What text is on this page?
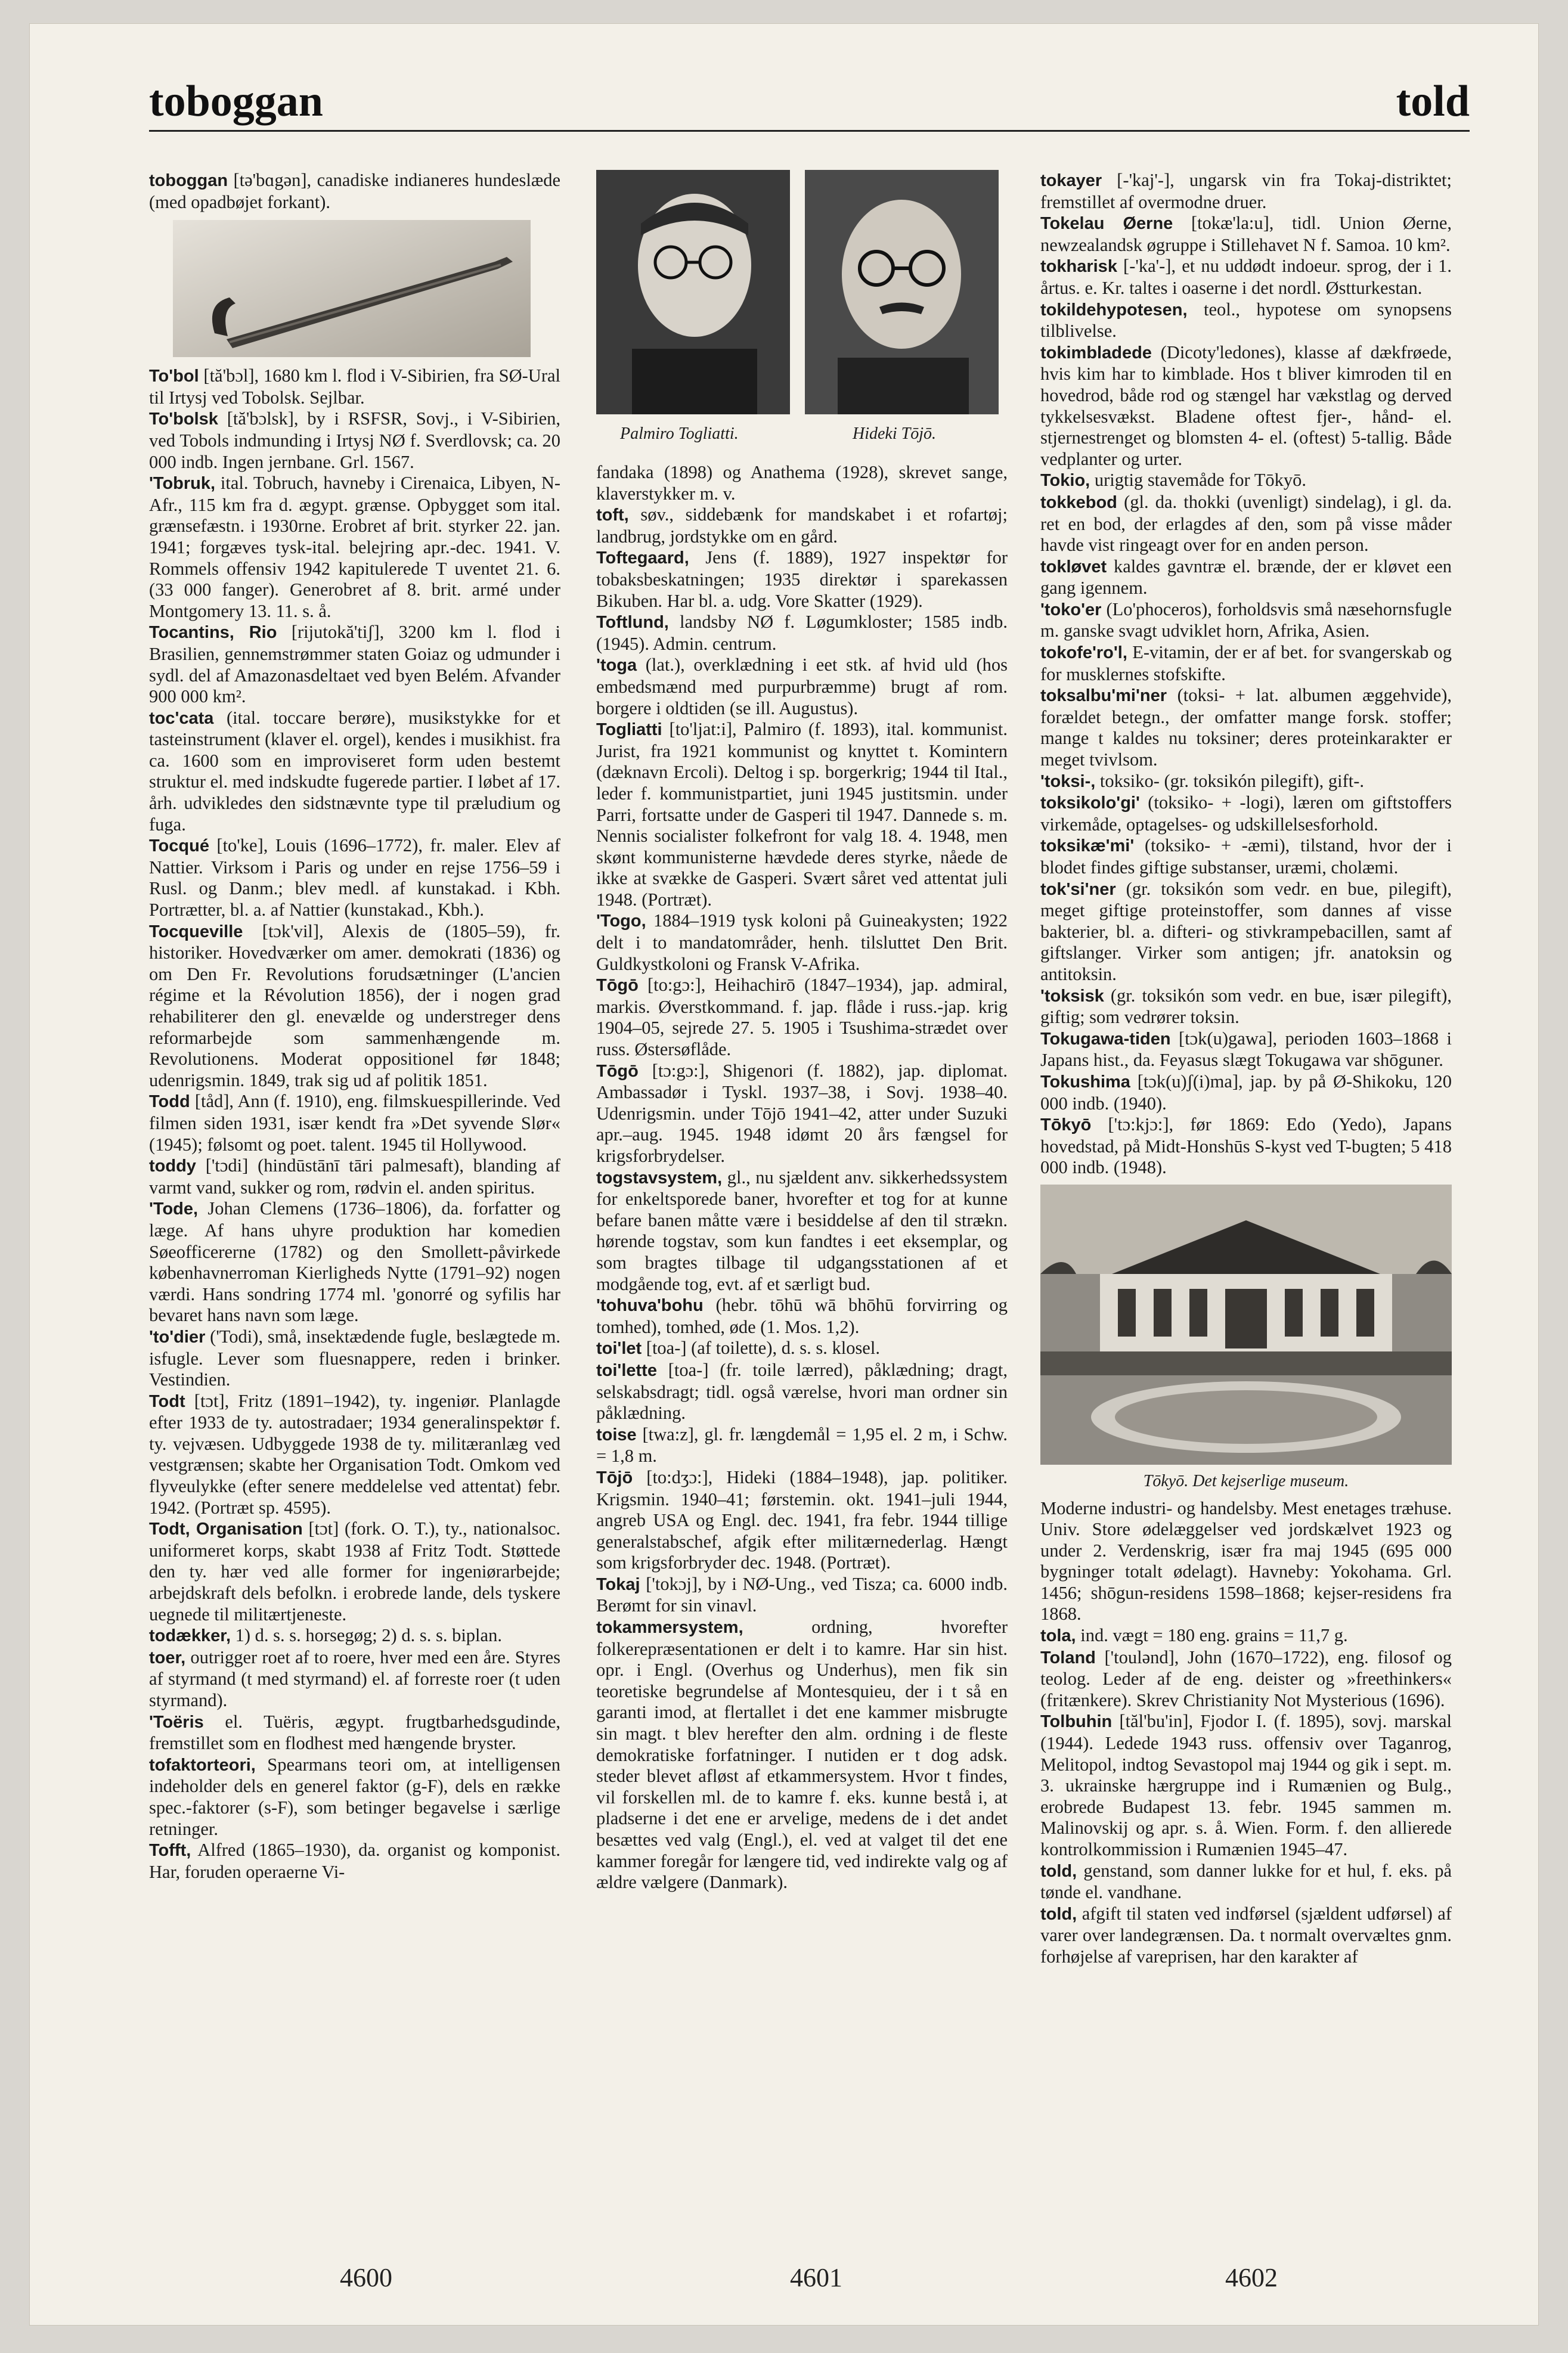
toboggan	told

toboggan [tə'bɑgən], canadiske indianeres hundeslæde (med opadbøjet forkant).

To'bol [tă'bɔl], 1680 km l. flod i V-Sibirien, fra SØ-Ural til Irtysj ved Tobolsk. Sejlbar.

To'bolsk [tă'bɔlsk], by i RSFSR, Sovj., i V-Sibirien, ved Tobols indmunding i Irtysj NØ f. Sverdlovsk; ca. 20 000 indb. Ingen jernbane. Grl. 1567.

'Tobruk, ital. Tobruch, havneby i Cirenaica, Libyen, N-Afr., 115 km fra d. ægypt. grænse. Opbygget som ital. grænsefæstn. i 1930rne. Erobret af brit. styrker 22. jan. 1941; forgæves tysk-ital. belejring apr.-dec. 1941. V. Rommels offensiv 1942 kapitulerede T uventet 21. 6. (33 000 fanger). Generobret af 8. brit. armé under Montgomery 13. 11. s. å.

Tocantins, Rio [rijutokă'tiʃ], 3200 km l. flod i Brasilien, gennemstrømmer staten Goiaz og udmunder i sydl. del af Amazonasdeltaet ved byen Belém. Afvander 900 000 km².

toc'cata (ital. toccare berøre), musikstykke for et tasteinstrument (klaver el. orgel), kendes i musikhist. fra ca. 1600 som en improviseret form uden bestemt struktur el. med indskudte fugerede partier. I løbet af 17. årh. udvikledes den sidstnævnte type til præludium og fuga.

Tocqué [to'ke], Louis (1696–1772), fr. maler. Elev af Nattier. Virksom i Paris og under en rejse 1756–59 i Rusl. og Danm.; blev medl. af kunstakad. i Kbh. Portrætter, bl. a. af Nattier (kunstakad., Kbh.).

Tocqueville [tɔk'vil], Alexis de (1805–59), fr. historiker. Hovedværker om amer. demokrati (1836) og om Den Fr. Revolutions forudsætninger (L'ancien régime et la Révolution 1856), der i nogen grad rehabiliterer den gl. enevælde og understreger dens reformarbejde som sammenhængende m. Revolutionens. Moderat oppositionel før 1848; udenrigsmin. 1849, trak sig ud af politik 1851.

Todd [tåd], Ann (f. 1910), eng. filmskuespillerinde. Ved filmen siden 1931, især kendt fra »Det syvende Slør« (1945); følsomt og poet. talent. 1945 til Hollywood.

toddy ['tɔdi] (hindūstānī tāri palmesaft), blanding af varmt vand, sukker og rom, rødvin el. anden spiritus.

'Tode, Johan Clemens (1736–1806), da. forfatter og læge. Af hans uhyre produktion har komedien Søeofficererne (1782) og den Smollett-påvirkede københavnerroman Kierligheds Nytte (1791–92) nogen værdi. Hans sondring 1774 ml. 'gonorré og syfilis har bevaret hans navn som læge.

'to'dier ('Todi), små, insektædende fugle, beslægtede m. isfugle. Lever som fluesnappere, reden i brinker. Vestindien.

Todt [tɔt], Fritz (1891–1942), ty. ingeniør. Planlagde efter 1933 de ty. autostradaer; 1934 generalinspektør f. ty. vejvæsen. Udbyggede 1938 de ty. militæranlæg ved vestgrænsen; skabte her Organisation Todt. Omkom ved flyveulykke (efter senere meddelelse ved attentat) febr. 1942. (Portræt sp. 4595).

Todt, Organisation [tɔt] (fork. O. T.), ty., nationalsoc. uniformeret korps, skabt 1938 af Fritz Todt. Støttede den ty. hær ved alle former for ingeniørarbejde; arbejdskraft dels befolkn. i erobrede lande, dels tyskere uegnede til militærtjeneste.

todækker, 1) d. s. s. horsegøg; 2) d. s. s. biplan.

toer, outrigger roet af to roere, hver med een åre. Styres af styrmand (t med styrmand) el. af forreste roer (t uden styrmand).

'Toëris el. Tuëris, ægypt. frugtbarhedsgudinde, fremstillet som en flodhest med hængende bryster.

tofaktorteori, Spearmans teori om, at intelligensen indeholder dels en generel faktor (g-F), dels en række spec.-faktorer (s-F), som betinger begavelse i særlige retninger.

Tofft, Alfred (1865–1930), da. organist og komponist. Har, foruden operaerne Vi-

Palmiro Togliatti.	Hideki Tōjō.

fandaka (1898) og Anathema (1928), skrevet sange, klaverstykker m. v.

toft, søv., siddebænk for mandskabet i et rofartøj; landbrug, jordstykke om en gård.

Toftegaard, Jens (f. 1889), 1927 inspektør for tobaksbeskatningen; 1935 direktør i sparekassen Bikuben. Har bl. a. udg. Vore Skatter (1929).

Toftlund, landsby NØ f. Løgumkloster; 1585 indb. (1945). Admin. centrum.

'toga (lat.), overklædning i eet stk. af hvid uld (hos embedsmænd med purpurbræmme) brugt af rom. borgere i oldtiden (se ill. Augustus).

Togliatti [to'ljat:i], Palmiro (f. 1893), ital. kommunist. Jurist, fra 1921 kommunist og knyttet t. Komintern (dæknavn Ercoli). Deltog i sp. borgerkrig; 1944 til Ital., leder f. kommunistpartiet, juni 1945 justitsmin. under Parri, fortsatte under de Gasperi til 1947. Dannede s. m. Nennis socialister folkefront for valg 18. 4. 1948, men skønt kommunisterne hævdede deres styrke, nåede de ikke at svække de Gasperi. Svært såret ved attentat juli 1948. (Portræt).

'Togo, 1884–1919 tysk koloni på Guineakysten; 1922 delt i to mandatområder, henh. tilsluttet Den Brit. Guldkystkoloni og Fransk V-Afrika.

Tōgō [to:gɔ:], Heihachirō (1847–1934), jap. admiral, markis. Øverstkommand. f. jap. flåde i russ.-jap. krig 1904–05, sejrede 27. 5. 1905 i Tsushima-strædet over russ. Østersøflåde.

Tōgō [tɔ:gɔ:], Shigenori (f. 1882), jap. diplomat. Ambassadør i Tyskl. 1937–38, i Sovj. 1938–40. Udenrigsmin. under Tōjō 1941–42, atter under Suzuki apr.–aug. 1945. 1948 idømt 20 års fængsel for krigsforbrydelser.

togstavsystem, gl., nu sjældent anv. sikkerhedssystem for enkeltsporede baner, hvorefter et tog for at kunne befare banen måtte være i besiddelse af den til strækn. hørende togstav, som kun fandtes i eet eksemplar, og som bragtes tilbage til udgangsstationen af et modgående tog, evt. af et særligt bud.

'tohuva'bohu (hebr. tōhū wā bhōhū forvirring og tomhed), tomhed, øde (1. Mos. 1,2).

toi'let [toa-] (af toilette), d. s. s. klosel.

toi'lette [toa-] (fr. toile lærred), påklædning; dragt, selskabsdragt; tidl. også værelse, hvori man ordner sin påklædning.

toise [twa:z], gl. fr. længdemål = 1,95 el. 2 m, i Schw. = 1,8 m.

Tōjō [to:dʒɔ:], Hideki (1884–1948), jap. politiker. Krigsmin. 1940–41; førstemin. okt. 1941–juli 1944, angreb USA og Engl. dec. 1941, fra febr. 1944 tillige generalstabschef, afgik efter militærnederlag. Hængt som krigsforbryder dec. 1948. (Portræt).

Tokaj ['tokɔj], by i NØ-Ung., ved Tisza; ca. 6000 indb. Berømt for sin vinavl.

tokammersystem, ordning, hvorefter folkerepræsentationen er delt i to kamre. Har sin hist. opr. i Engl. (Overhus og Underhus), men fik sin teoretiske begrundelse af Montesquieu, der i t så en garanti imod, at flertallet i det ene kammer misbrugte sin magt. t blev herefter den alm. ordning i de fleste demokratiske forfatninger. I nutiden er t dog adsk. steder blevet afløst af etkammersystem. Hvor t findes, vil forskellen ml. de to kamre f. eks. kunne bestå i, at pladserne i det ene er arvelige, medens de i det andet besættes ved valg (Engl.), el. ved at valget til det ene kammer foregår for længere tid, ved indirekte valg og af ældre vælgere (Danmark).

tokayer [-'kaj'-], ungarsk vin fra Tokaj-distriktet; fremstillet af overmodne druer.

Tokelau Øerne [tokæ'la:u], tidl. Union Øerne, newzealandsk øgruppe i Stillehavet N f. Samoa. 10 km².

tokharisk [-'ka'-], et nu uddødt indoeur. sprog, der i 1. årtus. e. Kr. taltes i oaserne i det nordl. Østturkestan.

tokildehypotesen, teol., hypotese om synopsens tilblivelse.

tokimbladede (Dicoty'ledones), klasse af dækfrøede, hvis kim har to kimblade. Hos t bliver kimroden til en hovedrod, både rod og stængel har vækstlag og derved tykkelsesvækst. Bladene oftest fjer-, hånd- el. stjernestrenget og blomsten 4- el. (oftest) 5-tallig. Både vedplanter og urter.

Tokio, urigtig stavemåde for Tōkyō.

tokkebod (gl. da. thokki (uvenligt) sindelag), i gl. da. ret en bod, der erlagdes af den, som på visse måder havde vist ringeagt over for en anden person.

tokløvet kaldes gavntræ el. brænde, der er kløvet een gang igennem.

'toko'er (Lo'phoceros), forholdsvis små næsehornsfugle m. ganske svagt udviklet horn, Afrika, Asien.

tokofe'ro'l, E-vitamin, der er af bet. for svangerskab og for musklernes stofskifte.

toksalbu'mi'ner (toksi- + lat. albumen æggehvide), forældet betegn., der omfatter mange forsk. stoffer; mange t kaldes nu toksiner; deres proteinkarakter er meget tvivlsom.

'toksi-, toksiko- (gr. toksikón pilegift), gift-.

toksikolo'gi' (toksiko- + -logi), læren om giftstoffers virkemåde, optagelses- og udskillelsesforhold.

toksikæ'mi' (toksiko- + -æmi), tilstand, hvor der i blodet findes giftige substanser, uræmi, cholæmi.

tok'si'ner (gr. toksikón som vedr. en bue, pilegift), meget giftige proteinstoffer, som dannes af visse bakterier, bl. a. difteri- og stivkrampebacillen, samt af giftslanger. Virker som antigen; jfr. anatoksin og antitoksin.

'toksisk (gr. toksikón som vedr. en bue, især pilegift), giftig; som vedrører toksin.

Tokugawa-tiden [tɔk(u)gawa], perioden 1603–1868 i Japans hist., da. Feyasus slægt Tokugawa var shōguner.

Tokushima [tɔk(u)ʃ(i)ma], jap. by på Ø-Shikoku, 120 000 indb. (1940).

Tōkyō ['tɔ:kjɔ:], før 1869: Edo (Yedo), Japans hovedstad, på Midt-Honshūs S-kyst ved T-bugten; 5 418 000 indb. (1948).

Tōkyō. Det kejserlige museum.

Moderne industri- og handelsby. Mest enetages træhuse. Univ. Store ødelæggelser ved jordskælvet 1923 og under 2. Verdenskrig, især fra maj 1945 (695 000 bygninger totalt ødelagt). Havneby: Yokohama. Grl. 1456; shōgun-residens 1598–1868; kejser-residens fra 1868.

tola, ind. vægt = 180 eng. grains = 11,7 g.

Toland ['toulənd], John (1670–1722), eng. filosof og teolog. Leder af de eng. deister og »freethinkers« (fritænkere). Skrev Christianity Not Mysterious (1696).

Tolbuhin [tăl'bu'in], Fjodor I. (f. 1895), sovj. marskal (1944). Ledede 1943 russ. offensiv over Taganrog, Melitopol, indtog Sevastopol maj 1944 og gik i sept. m. 3. ukrainske hærgruppe ind i Rumænien og Bulg., erobrede Budapest 13. febr. 1945 sammen m. Malinovskij og apr. s. å. Wien. Form. f. den allierede kontrolkommission i Rumænien 1945–47.

told, genstand, som danner lukke for et hul, f. eks. på tønde el. vandhane.

told, afgift til staten ved indførsel (sjældent udførsel) af varer over landegrænsen. Da. t normalt overvæltes gnm. forhøjelse af vareprisen, har den karakter af

4600	4601	4602
